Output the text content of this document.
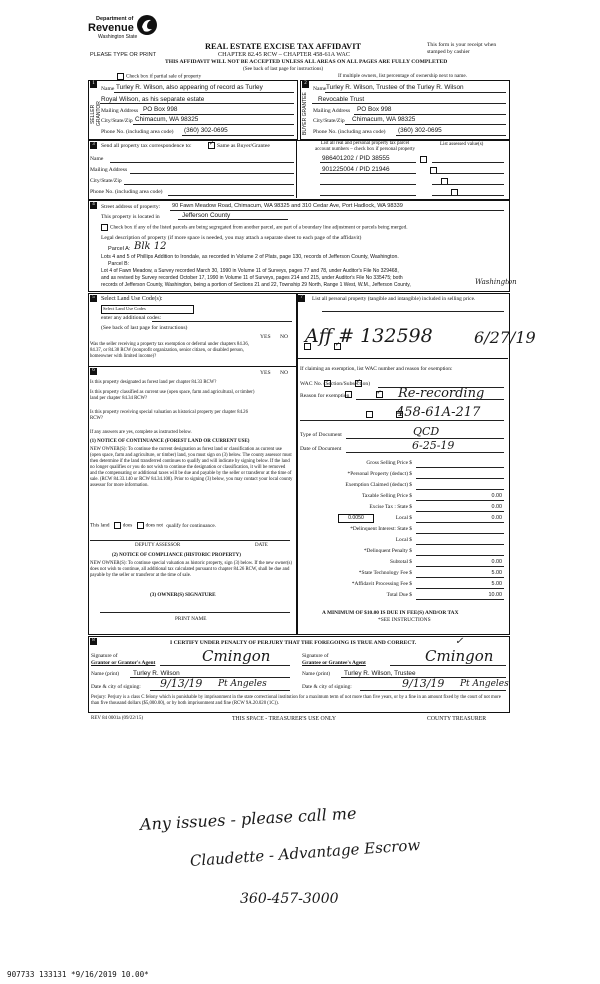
Department of
Revenue
Washington State
PLEASE TYPE OR PRINT
REAL ESTATE EXCISE TAX AFFIDAVIT
CHAPTER 82.45 RCW – CHAPTER 458-61A WAC
THIS AFFIDAVIT WILL NOT BE ACCEPTED UNLESS ALL AREAS ON ALL PAGES ARE FULLY COMPLETED
(See back of last page for instructions)
This form is your receipt when stamped by cashier
Check box if partial sale of property	If multiple owners, list percentage of ownership next to name.
1
SELLER GRANTOR
Name Turley R. Wilson, also appearing of record as Turley
Royal Wilson, as his separate estate
Mailing Address PO Box 998
City/State/Zip Chimacum, WA 98325
Phone No. (including area code) (360) 302-0695
2
BUYER GRANTEE
Name Turley R. Wilson, Trustee of the Turley R. Wilson
Revocable Trust
Mailing Address PO Box 998
City/State/Zip Chimacum, WA 98325
Phone No. (including area code) (360) 302-0695
3	Send all property tax correspondence to:
✓	Same as Buyer/Grantee
Name
Mailing Address
City/State/Zip
Phone No. (including area code)
List all real and personal property tax parcel account numbers – check box if personal property
List assessed value(s)
986401202 / PID 38555

901225004 / PID 21946

4	Street address of property: 90 Fawn Meadow Road, Chimacum, WA 98325 and 310 Cedar Ave, Port Hadlock, WA 98339
This property is located in	Jefferson County
Check box if any of the listed parcels are being segregated from another parcel, are part of a boundary line adjustment or parcels being merged.
Legal description of property (if more space is needed, you may attach a separate sheet to each page of the affidavit)
Parcel A: Blk 12
Lots 4 and 5 of Phillips Addition to Irondale, as recorded in Volume 2 of Plats, page 130, records of Jefferson County, Washington.
Parcel B:
Lot 4 of Fawn Meadow, a Survey recorded March 30, 1990 in Volume 11 of Surveys, pages 77 and 78, under Auditor's File No 329468,
and as revised by Survey recorded October 17, 1990 in Volume 11 of Surveys, pages 214 and 215, under Auditor's File No 335475; both
records of Jefferson County, Washington, being a portion of Sections 21 and 22, Township 29 North, Range 1 West, W.M., Jefferson County,	Washington
5	Select Land Use Code(s):
Select Land Use Codes
enter any additional codes:
(See back of last page for instructions)
YES NO
Was the seller receiving a property tax exemption or deferral under chapters 84.36, 84.37, or 84.38 RCW (nonprofit organization, senior citizen, or disabled person, homeowner with limited income)?
✓
6	YES NO
Is this property designated as forest land per chapter 84.33 RCW?
✓
Is this property classified as current use (open space, farm and agricultural, or timber) land per chapter 84.34 RCW?
✓
Is this property receiving special valuation as historical property per chapter 84.26 RCW?
✓
If any answers are yes, complete as instructed below.
(1) NOTICE OF CONTINUANCE (FOREST LAND OR CURRENT USE)
NEW OWNER(S): To continue the current designation as forest land or classification as current use (open space, farm and agriculture, or timber) land, you must sign on (3) below. The county assessor must then determine if the land transferred continues to qualify and will indicate by signing below. If the land no longer qualifies or you do not wish to continue the designation or classification, it will be removed and the compensating or additional taxes will be due and payable by the seller or transferor at the time of sale. (RCW 84.33.140 or RCW 84.34.108). Prior to signing (3) below, you may contact your local county assessor for more information.
This land	does	does not qualify for continuance.
DEPUTY ASSESSOR	DATE
(2) NOTICE OF COMPLIANCE (HISTORIC PROPERTY)
NEW OWNER(S): To continue special valuation as historic property, sign (3) below. If the new owner(s) does not wish to continue, all additional tax calculated pursuant to chapter 84.26 RCW, shall be due and payable by the seller or transferor at the time of sale.
(3) OWNER(S) SIGNATURE
PRINT NAME
7	List all personal property (tangible and intangible) included in selling price.
Aff # 132598	6/27/19
If claiming an exemption, list WAC number and reason for exemption:
WAC No. (Section/Subsection)
Reason for exemption	Re-recording
458-61A-217
Type of Document	QCD
Date of Document	6-25-19
Gross Selling Price $
*Personal Property (deduct) $
Exemption Claimed (deduct) $
Taxable Selling Price $	0.00
Excise Tax : State $	0.00
0.0050	Local $	0.00
*Delinquent Interest: State $
Local $
*Delinquent Penalty $
Subtotal $	0.00
*State Technology Fee $	5.00
*Affidavit Processing Fee $	5.00
Total Due $	10.00
A MINIMUM OF $10.00 IS DUE IN FEE(S) AND/OR TAX
*SEE INSTRUCTIONS
8	I CERTIFY UNDER PENALTY OF PERJURY THAT THE FOREGOING IS TRUE AND CORRECT.	✓
Signature of
Grantor or Grantor's Agent	Cmingon
Name (print) Turley R. Wilson
Date & city of signing: 9/13/19 Pt Angeles
Signature of
Grantee or Grantee's Agent	Cmingon
Name (print) Turley R. Wilson, Trustee
Date & city of signing:	9/13/19 Pt Angeles
Perjury: Perjury is a class C felony which is punishable by imprisonment in the state correctional institution for a maximum term of not more than five years, or by a fine in an amount fixed by the court of not more than five thousand dollars ($5,000.00), or by both imprisonment and fine (RCW 9A.20.020 (1C)).
REV 84 0001a (09/22/15)	THIS SPACE - TREASURER'S USE ONLY	COUNTY TREASURER
Any issues - please call me
Claudette - Advantage Escrow
360-457-3000
907733 133131 *9/16/2019 10.00*
